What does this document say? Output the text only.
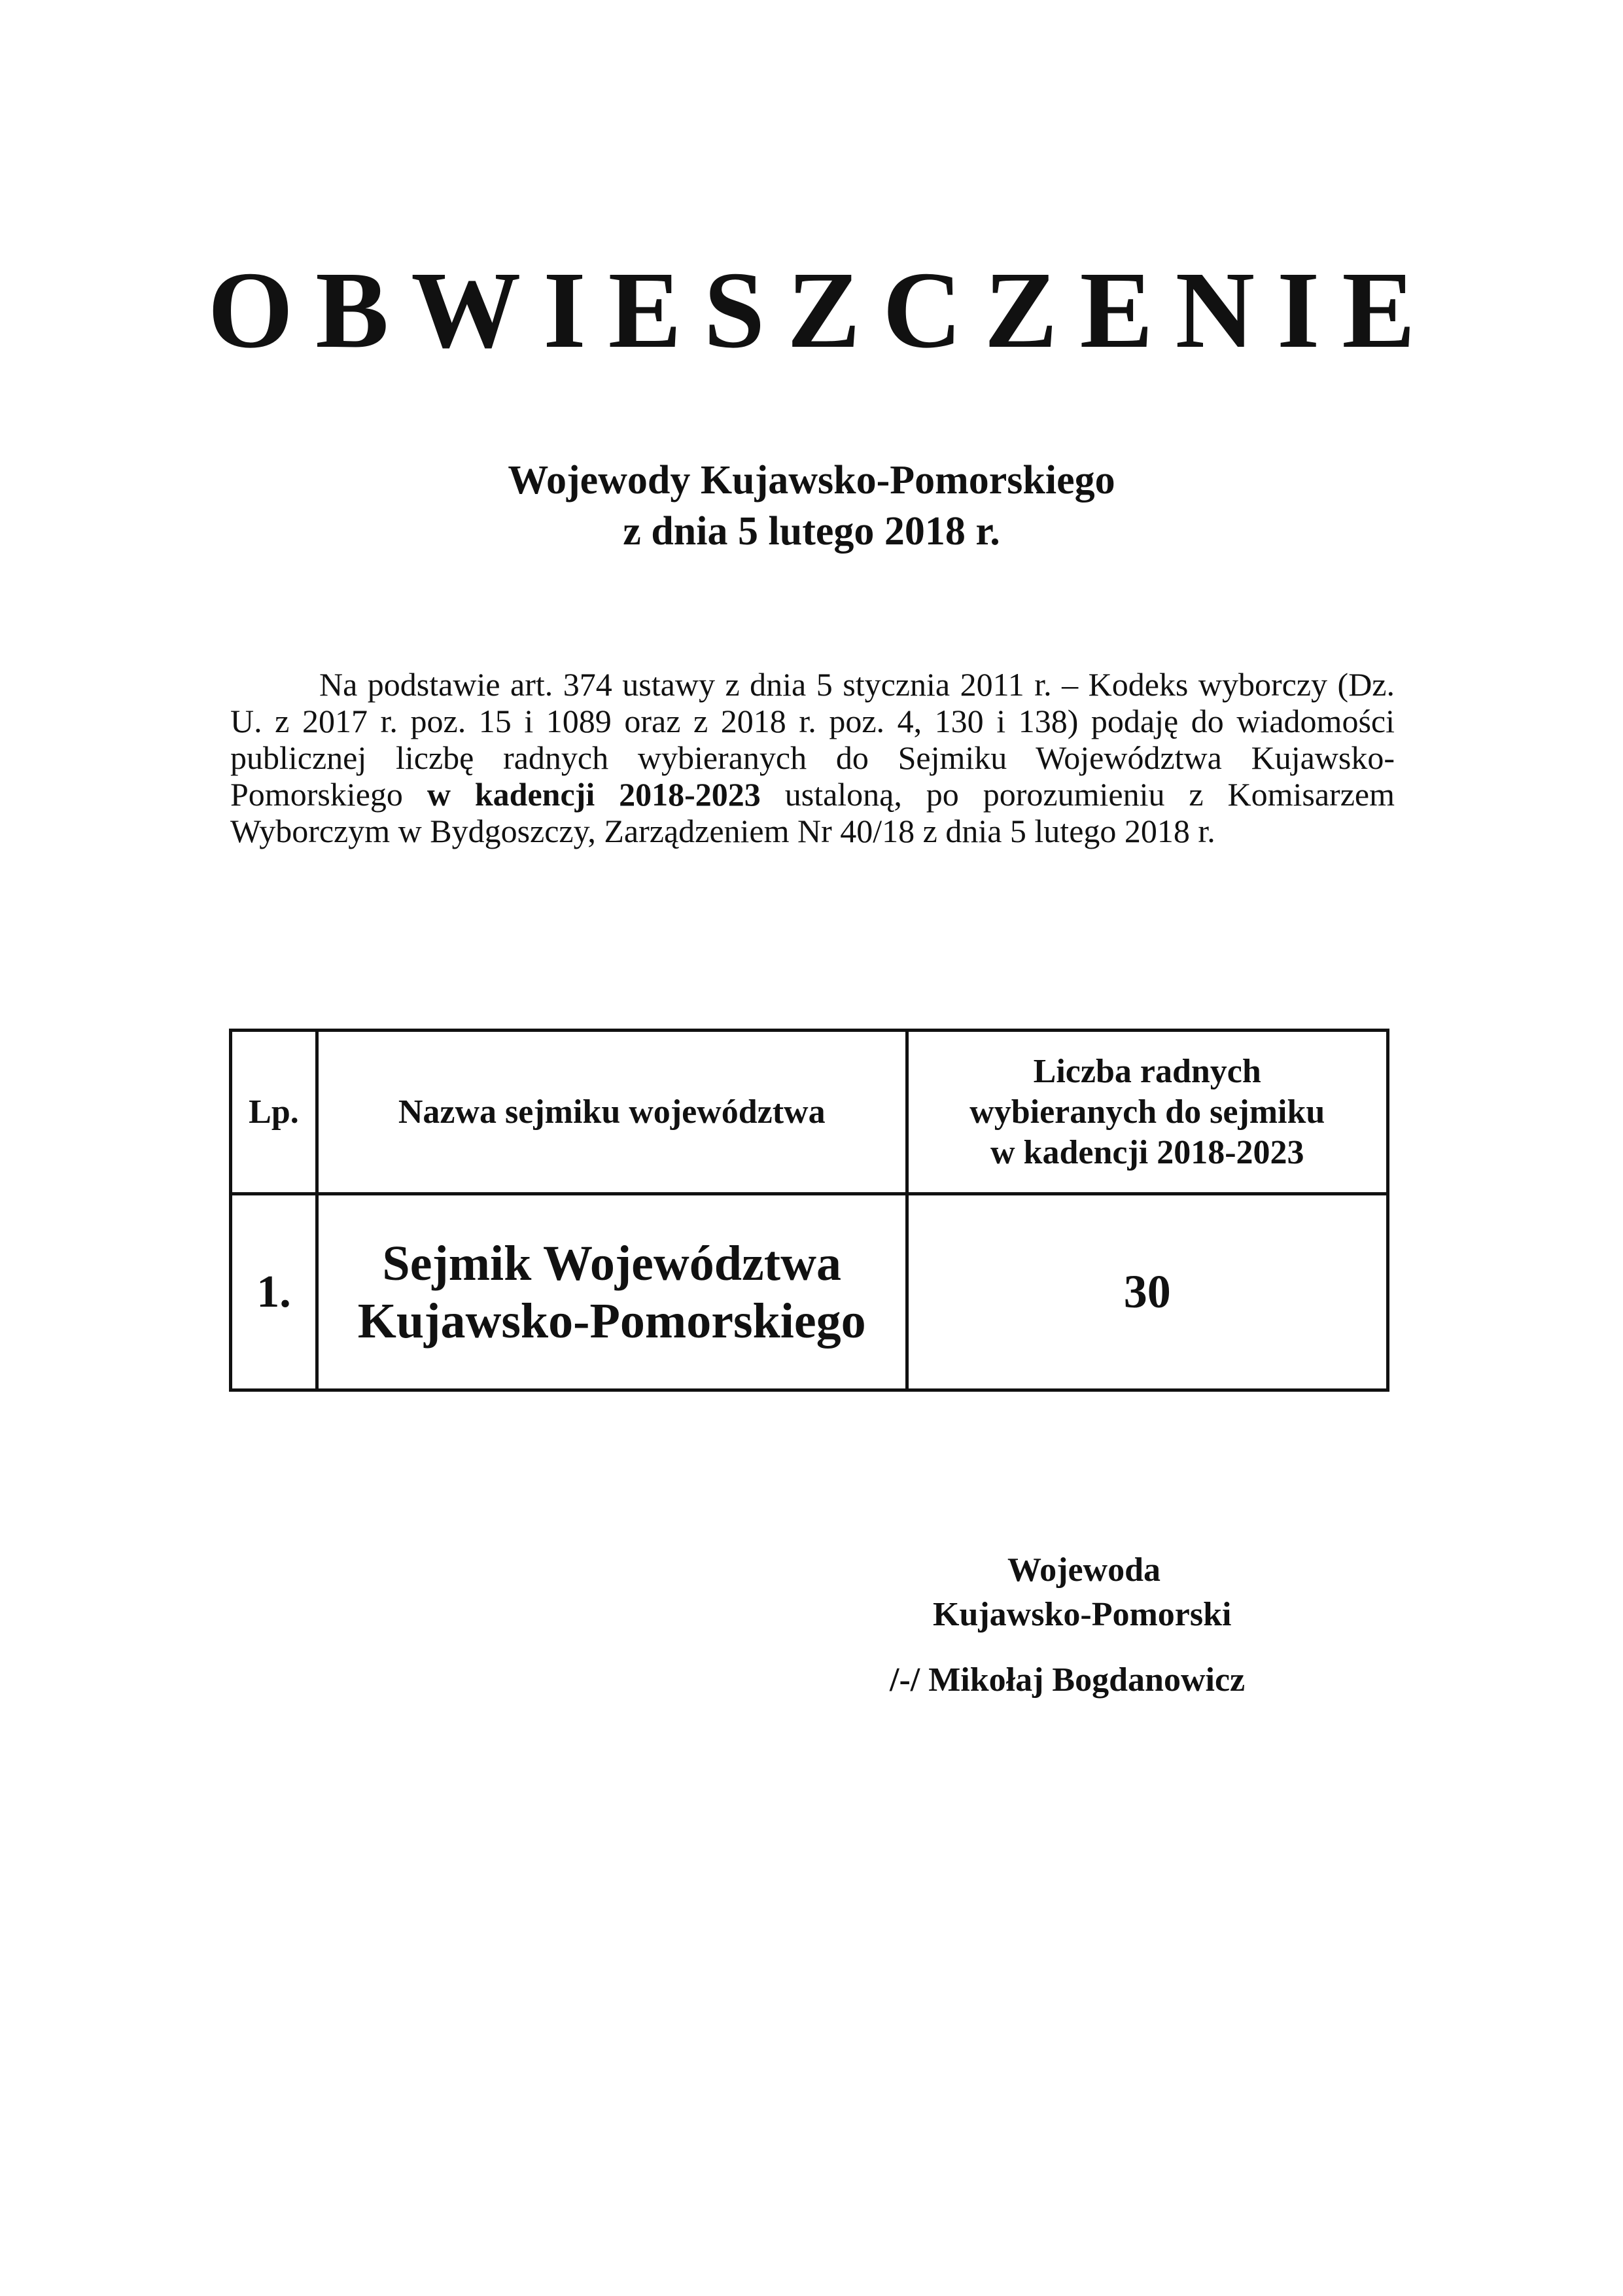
OBWIESZCZENIE
Wojewody Kujawsko-Pomorskiego
z dnia 5 lutego 2018 r.

Na podstawie art. 374 ustawy z dnia 5 stycznia 2011 r. – Kodeks wyborczy (Dz. U. z 2017 r. poz. 15 i 1089 oraz z 2018 r. poz. 4, 130 i 138) podaję do wiadomości publicznej liczbę radnych wybieranych do Sejmiku Województwa Kujawsko-Pomorskiego w kadencji 2018-2023 ustaloną, po porozumieniu z Komisarzem Wyborczym w Bydgoszczy, Zarządzeniem Nr 40/18 z dnia 5 lutego 2018 r.

Lp.	Nazwa sejmiku województwa	Liczba radnych
wybieranych do sejmiku
w kadencji 2018-2023

1.	Sejmik Województwa
Kujawsko-Pomorskiego	30
Wojewoda
Kujawsko-Pomorski
/-/ Mikołaj Bogdanowicz
